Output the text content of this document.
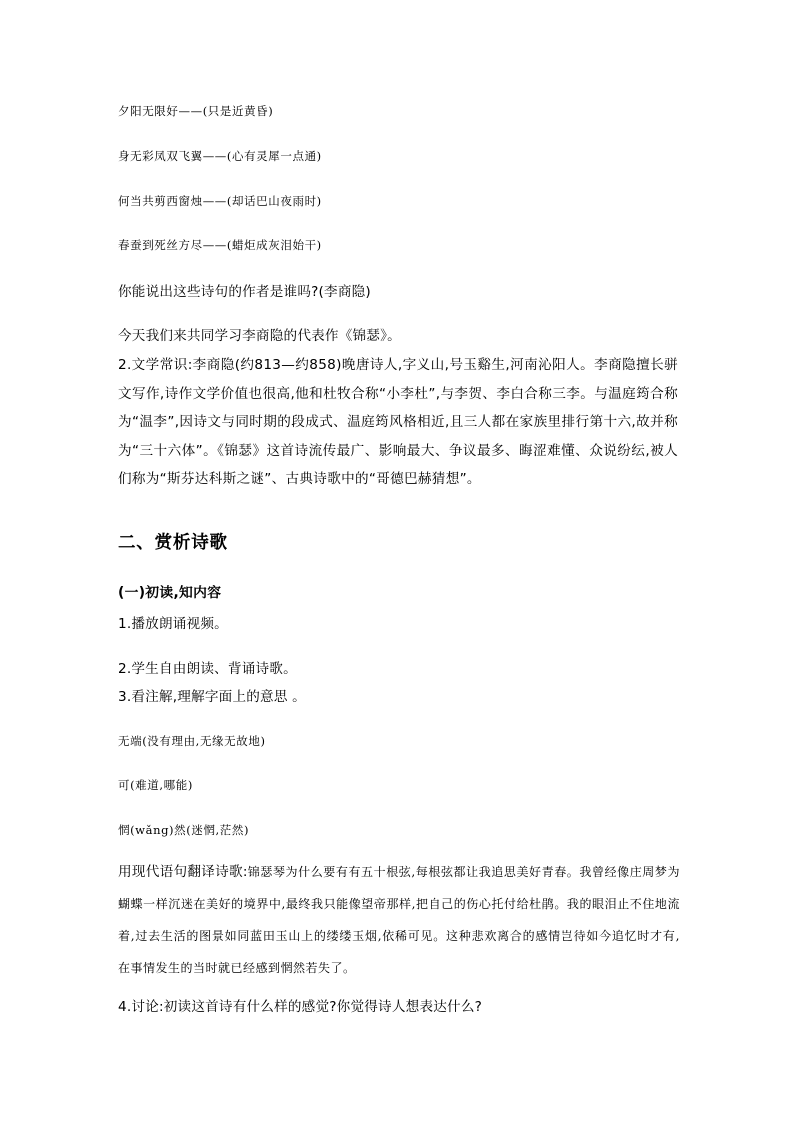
夕阳无限好——(只是近黄昏)
身无彩凤双飞翼——(心有灵犀一点通)
何当共剪西窗烛——(却话巴山夜雨时)
春蚕到死丝方尽——(蜡炬成灰泪始干)
你能说出这些诗句的作者是谁吗?(李商隐)
今天我们来共同学习李商隐的代表作《锦瑟》。
2.文学常识:李商隐(约813—约858)晚唐诗人,字义山,号玉谿生,河南沁阳人。李商隐擅长骈文写作,诗作文学价值也很高,他和杜牧合称“小李杜”,与李贺、李白合称三李。与温庭筠合称为“温李”,因诗文与同时期的段成式、温庭筠风格相近,且三人都在家族里排行第十六,故并称为“三十六体”。《锦瑟》这首诗流传最广、影响最大、争议最多、晦涩难懂、众说纷纭,被人们称为“斯芬达科斯之谜”、古典诗歌中的“哥德巴赫猜想”。
二、赏析诗歌
(一)初读,知内容
1.播放朗诵视频。
2.学生自由朗读、背诵诗歌。
3.看注解,理解字面上的意思 。
无端(没有理由,无缘无故地)
可(难道,哪能)
惘(wǎng)然(迷惘,茫然)
用现代语句翻译诗歌:锦瑟琴为什么要有有五十根弦,每根弦都让我追思美好青春。我曾经像庄周梦为蝴蝶一样沉迷在美好的境界中,最终我只能像望帝那样,把自己的伤心托付给杜鹃。我的眼泪止不住地流着,过去生活的图景如同蓝田玉山上的缕缕玉烟,依稀可见。这种悲欢离合的感情岂待如今追忆时才有,在事情发生的当时就已经感到惘然若失了。
4.讨论:初读这首诗有什么样的感觉?你觉得诗人想表达什么?
